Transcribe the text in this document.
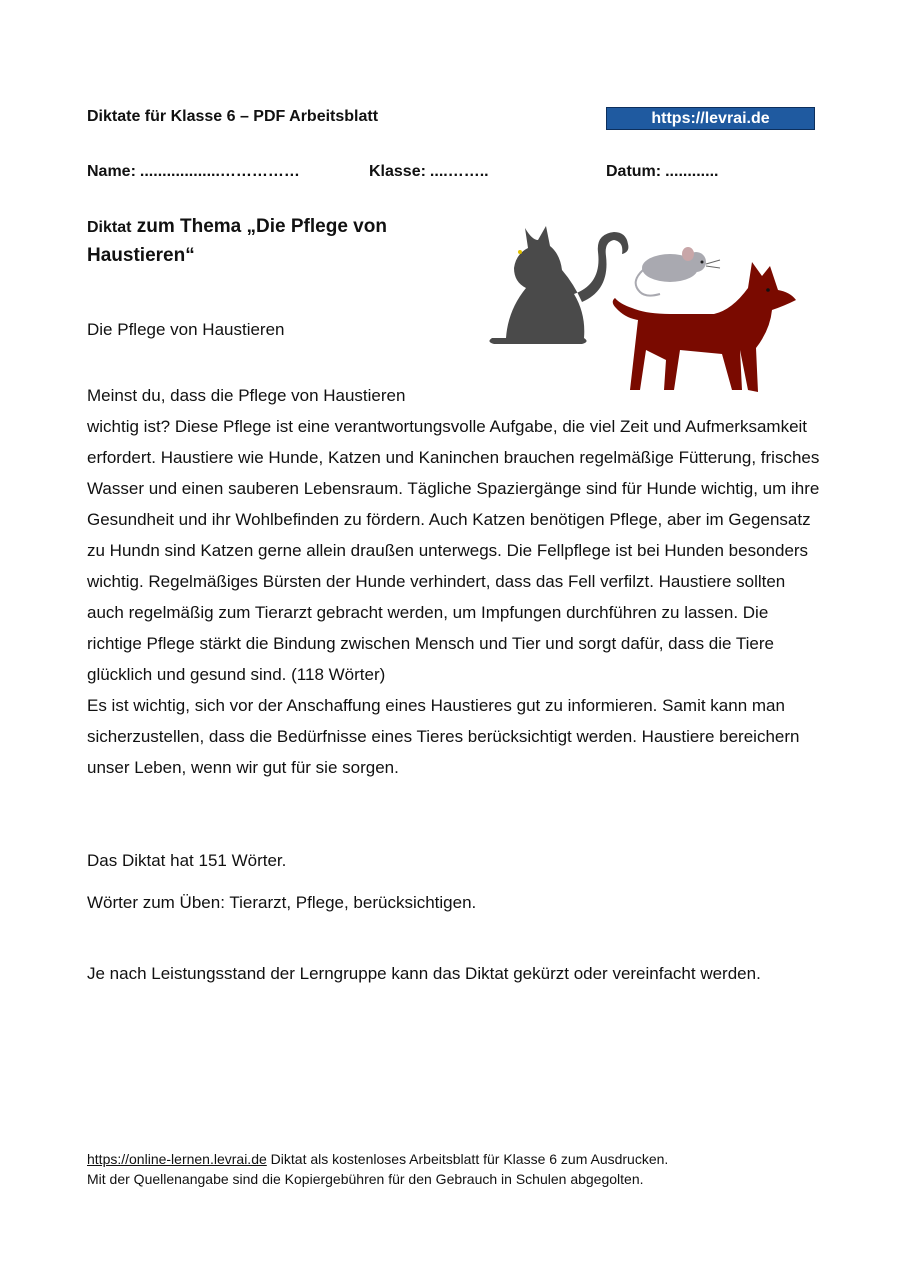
Diktate für Klasse 6 – PDF Arbeitsblatt	https://levrai.de
Name: ..................……………	Klasse: ....……..	Datum: ............
Diktat zum Thema „Die Pflege von Haustieren“
Die Pflege von Haustieren
Meinst du, dass die Pflege von Haustieren
wichtig ist? Diese Pflege ist eine verantwortungsvolle Aufgabe, die viel Zeit und Aufmerksamkeit erfordert. Haustiere wie Hunde, Katzen und Kaninchen brauchen regelmäßige Fütterung, frisches Wasser und einen sauberen Lebensraum. Tägliche Spaziergänge sind für Hunde wichtig, um ihre Gesundheit und ihr Wohlbefinden zu fördern. Auch Katzen benötigen Pflege, aber im Gegensatz zu Hundn sind Katzen gerne allein draußen unterwegs. Die Fellpflege ist bei Hunden besonders wichtig. Regelmäßiges Bürsten der Hunde verhindert, dass das Fell verfilzt. Haustiere sollten auch regelmäßig zum Tierarzt gebracht werden, um Impfungen durchführen zu lassen. Die richtige Pflege stärkt die Bindung zwischen Mensch und Tier und sorgt dafür, dass die Tiere glücklich und gesund sind. (118 Wörter)
Es ist wichtig, sich vor der Anschaffung eines Haustieres gut zu informieren. Samit kann man sicherzustellen, dass die Bedürfnisse eines Tieres berücksichtigt werden. Haustiere bereichern unser Leben, wenn wir gut für sie sorgen.
Das Diktat hat 151 Wörter.
Wörter zum Üben: Tierarzt, Pflege, berücksichtigen.
Je nach Leistungsstand der Lerngruppe kann das Diktat gekürzt oder vereinfacht werden.
https://online-lernen.levrai.de Diktat als kostenloses Arbeitsblatt für Klasse 6 zum Ausdrucken.
Mit der Quellenangabe sind die Kopiergebühren für den Gebrauch in Schulen abgegolten.
